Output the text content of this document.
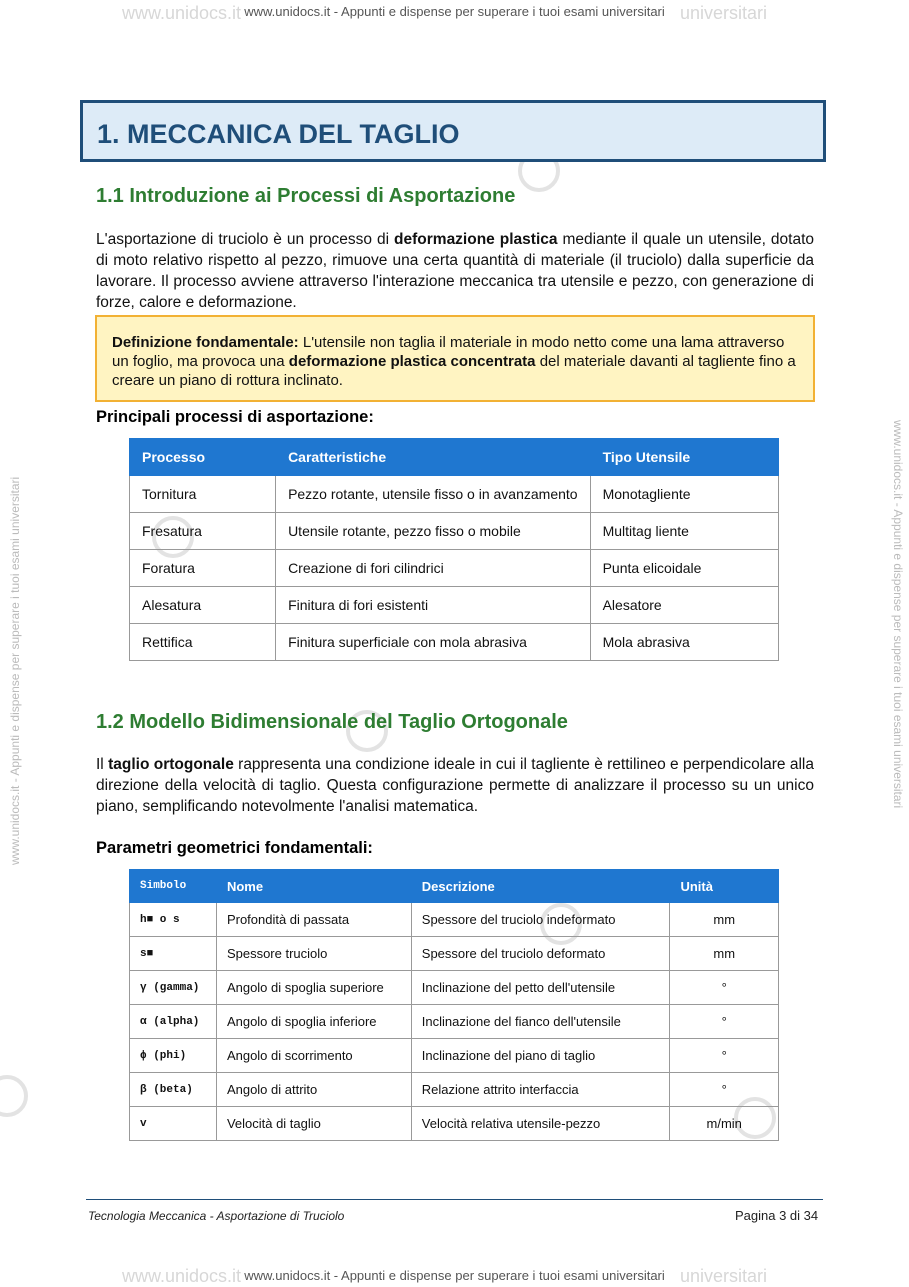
www.unidocs.it	universitari
www.unidocs.it - Appunti e dispense per superare i tuoi esami universitari
www.unidocs.it	universitari
www.unidocs.it - Appunti e dispense per superare i tuoi esami universitari
www.unidocs.it - Appunti e dispense per superare i tuoi esami universitari	www.unidocs.it - Appunti e dispense per superare i tuoi esami universitari
1. MECCANICA DEL TAGLIO
1.1 Introduzione ai Processi di Asportazione

L'asportazione di truciolo è un processo di deformazione plastica mediante il quale un utensile, dotato di moto relativo rispetto al pezzo, rimuove una certa quantità di materiale (il truciolo) dalla superficie da lavorare. Il processo avviene attraverso l'interazione meccanica tra utensile e pezzo, con generazione di forze, calore e deformazione.

Definizione fondamentale: L'utensile non taglia il materiale in modo netto come una lama attraverso un foglio, ma provoca una deformazione plastica concentrata del materiale davanti al tagliente fino a creare un piano di rottura inclinato.
Principali processi di asportazione:
Processo	Caratteristiche	Tipo Utensile
Tornitura	Pezzo rotante, utensile fisso o in avanzamento	Monotagliente
Fresatura	Utensile rotante, pezzo fisso o mobile	Multitag liente
Foratura	Creazione di fori cilindrici	Punta elicoidale
Alesatura	Finitura di fori esistenti	Alesatore
Rettifica	Finitura superficiale con mola abrasiva	Mola abrasiva
1.2 Modello Bidimensionale del Taglio Ortogonale

Il taglio ortogonale rappresenta una condizione ideale in cui il tagliente è rettilineo e perpendicolare alla direzione della velocità di taglio. Questa configurazione permette di analizzare il processo su un unico piano, semplificando notevolmente l'analisi matematica.

Parametri geometrici fondamentali:
Simbolo	Nome	Descrizione	Unità
h■ o s	Profondità di passata	Spessore del truciolo indeformato	mm
s■	Spessore truciolo	Spessore del truciolo deformato	mm
γ (gamma)	Angolo di spoglia superiore	Inclinazione del petto dell'utensile	°
α (alpha)	Angolo di spoglia inferiore	Inclinazione del fianco dell'utensile	°
ϕ (phi)	Angolo di scorrimento	Inclinazione del piano di taglio	°
β (beta)	Angolo di attrito	Relazione attrito interfaccia	°
v	Velocità di taglio	Velocità relativa utensile-pezzo	m/min
Tecnologia Meccanica - Asportazione di Truciolo	Pagina 3 di 34
